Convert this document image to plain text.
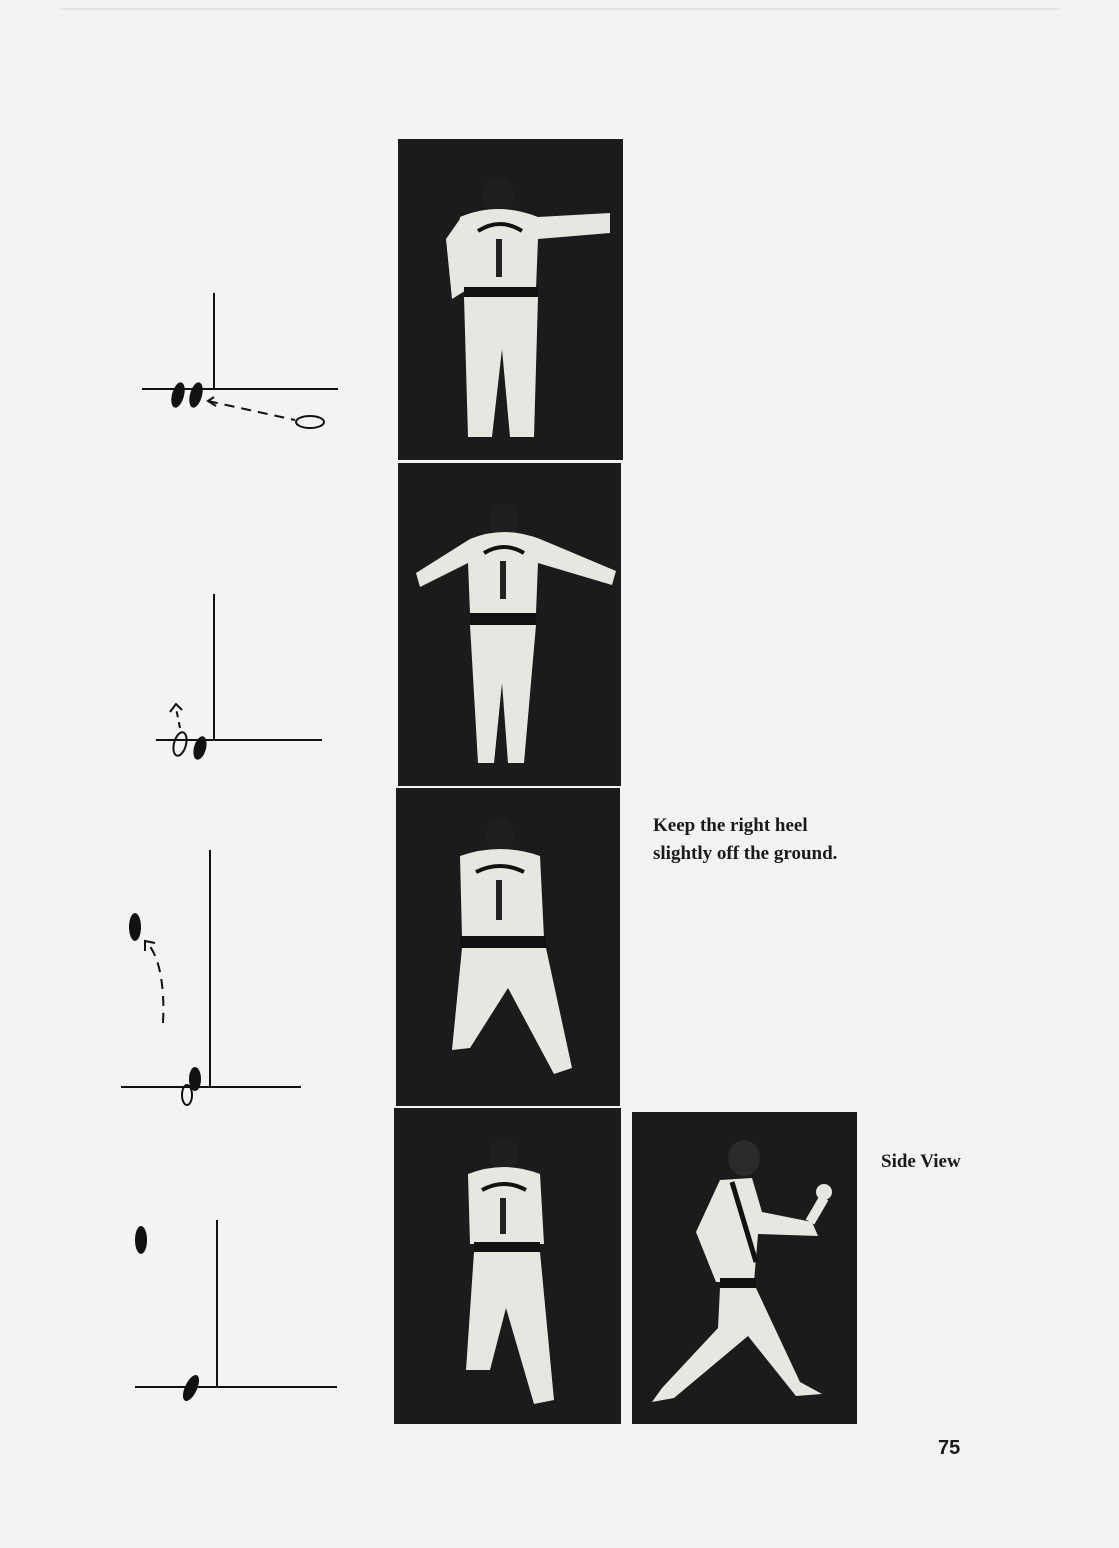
Keep the right heel
slightly off the ground.
Side View
75
